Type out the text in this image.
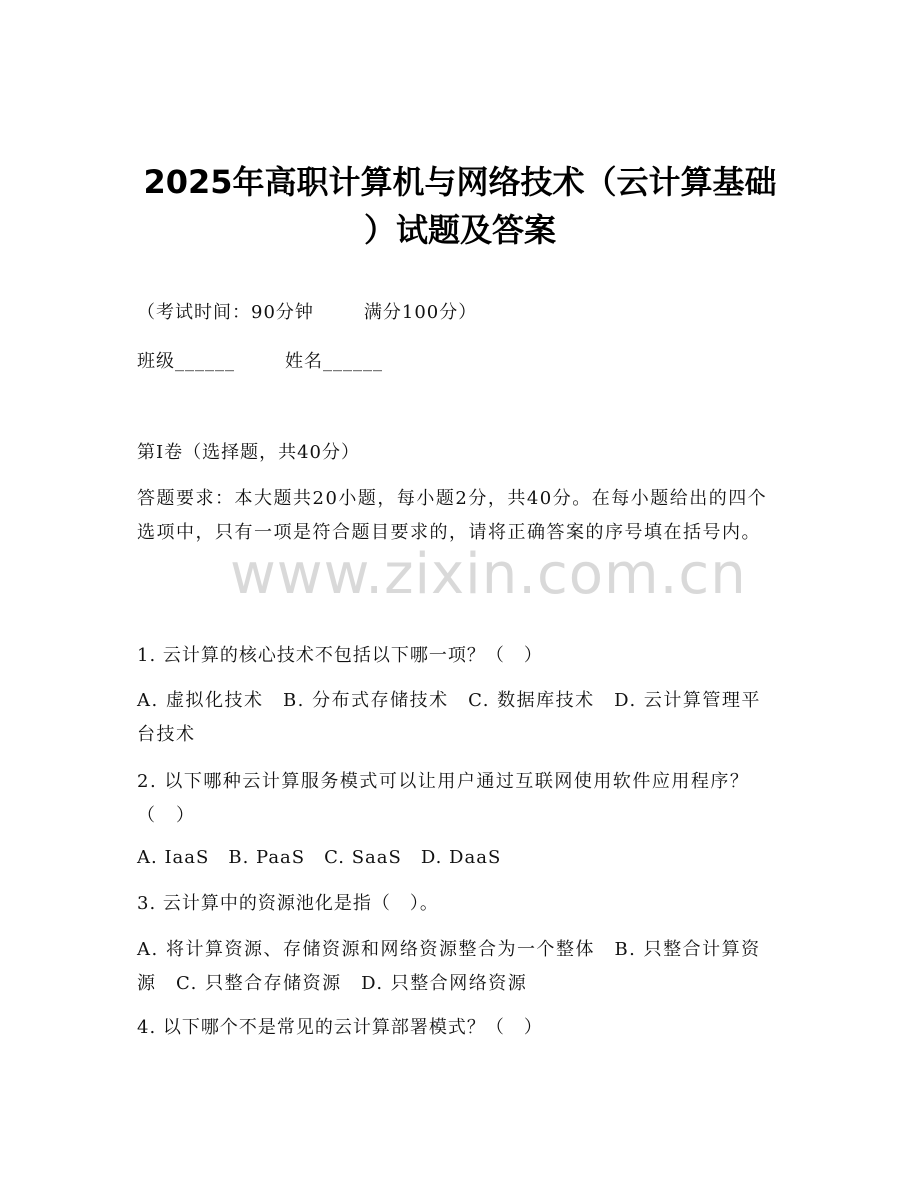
2025年高职计算机与网络技术（云计算基础
）试题及答案
（考试时间：90分钟	满分100分）
班级______	姓名______
第I卷（选择题，共40分）
答题要求：本大题共20小题，每小题2分，共40分。在每小题给出的四个选项中，只有一项是符合题目要求的，请将正确答案的序号填在括号内。
www.zixin.com.cn
1. 云计算的核心技术不包括以下哪一项？（　）
A. 虚拟化技术　B. 分布式存储技术　C. 数据库技术　D. 云计算管理平台技术
2. 以下哪种云计算服务模式可以让用户通过互联网使用软件应用程序？（　）
A. IaaS　B. PaaS　C. SaaS　D. DaaS
3. 云计算中的资源池化是指（　）。
A. 将计算资源、存储资源和网络资源整合为一个整体　B. 只整合计算资源　C. 只整合存储资源　D. 只整合网络资源
4. 以下哪个不是常见的云计算部署模式？（　）
